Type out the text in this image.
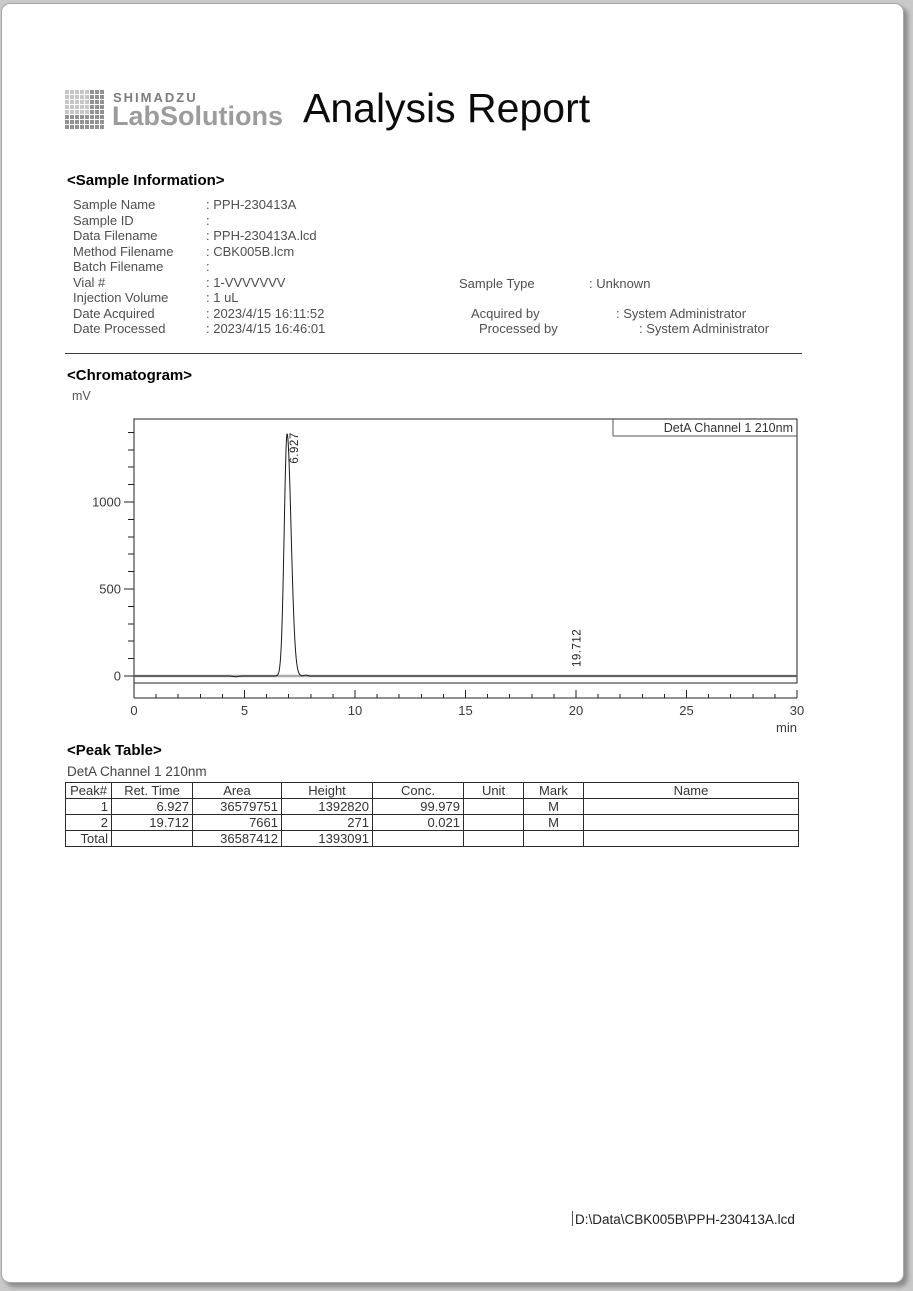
SHIMADZU
LabSolutions Analysis Report
<Sample Information>
Sample Name	: PPH-230413A
Sample ID	:
Data Filename	: PPH-230413A.lcd
Method Filename	: CBK005B.lcm
Batch Filename	:
Vial #	: 1-VVVVVVV
Injection Volume	: 1 uL
Date Acquired	: 2023/4/15 16:11:52
Date Processed	: 2023/4/15 16:46:01
Sample Type	: Unknown
Acquired by	: System Administrator
Processed by	: System Administrator
<Chromatogram>
mV
0
500
1000
0	5	10	15	20	25	30
min
DetA Channel 1 210nm
6.927
19.712
<Peak Table>
DetA Channel 1 210nm
Peak#	Ret. Time	Area	Height	Conc.	Unit	Mark	Name
1	6.927	36579751	1392820	99.979		M	
2	19.712	7661	271	0.021		M	
Total		36587412	1393091				
D:\Data\CBK005B\PPH-230413A.lcd
